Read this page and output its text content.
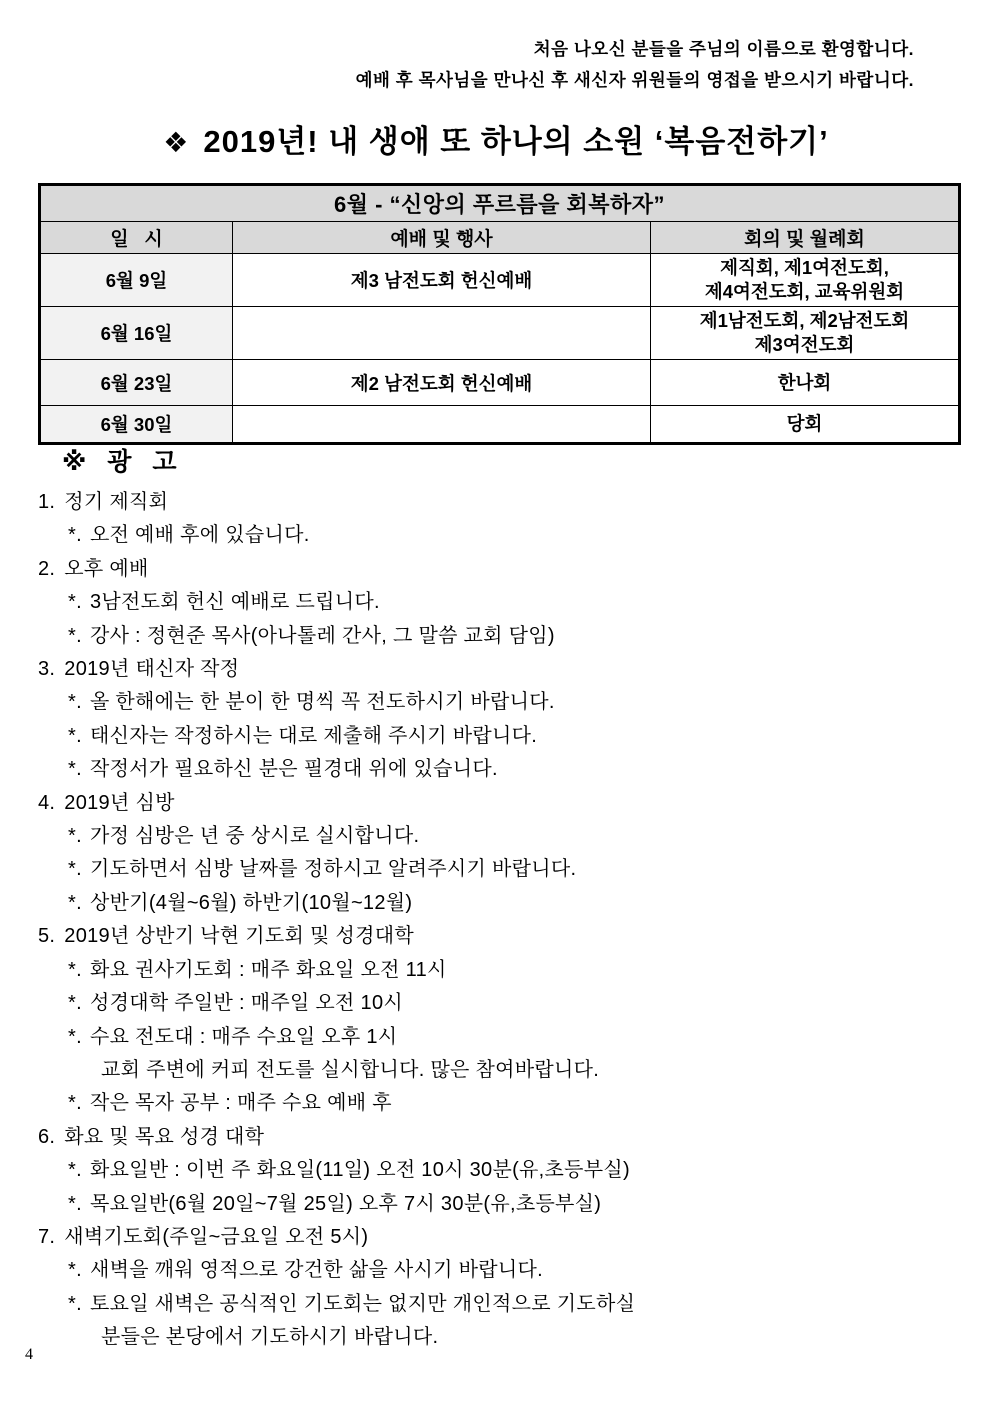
처음 나오신 분들을 주님의 이름으로 환영합니다.
예배 후 목사님을 만나신 후 새신자 위원들의 영접을 받으시기 바랍니다.
❖ 2019년! 내 생애 또 하나의 소원 ‘복음전하기’
6월 - “신앙의 푸르름을 회복하자”		
일   시	예배 및 행사	회의 및 월례회
6월 9일	제3 남전도회 헌신예배	제직회, 제1여전도회,
제4여전도회, 교육위원회

6월 16일		제1남전도회, 제2남전도회
제3여전도회

6월 23일	제2 남전도회 헌신예배	한나회

6월 30일		당회
※ 광 고
1. 정기 제직회
*. 오전 예배 후에 있습니다.
2. 오후 예배
*. 3남전도회 헌신 예배로 드립니다.
*. 강사 : 정현준 목사(아나톨레 간사, 그 말씀 교회 담임)
3. 2019년 태신자 작정
*. 올 한해에는 한 분이 한 명씩 꼭 전도하시기 바랍니다.
*. 태신자는 작정하시는 대로 제출해 주시기 바랍니다.
*. 작정서가 필요하신 분은 필경대 위에 있습니다.
4. 2019년 심방
*. 가정 심방은 년 중 상시로 실시합니다.
*. 기도하면서 심방 날짜를 정하시고 알려주시기 바랍니다.
*. 상반기(4월~6월) 하반기(10월~12월)
5. 2019년 상반기 낙현 기도회 및 성경대학
*. 화요 권사기도회 : 매주 화요일 오전 11시
*. 성경대학 주일반 : 매주일 오전 10시
*. 수요 전도대 : 매주 수요일 오후 1시
교회 주변에 커피 전도를 실시합니다. 많은 참여바랍니다.
*. 작은 목자 공부 : 매주 수요 예배 후
6. 화요 및 목요 성경 대학
*. 화요일반 : 이번 주 화요일(11일) 오전 10시 30분(유,초등부실)
*. 목요일반(6월 20일~7월 25일) 오후 7시 30분(유,초등부실)
7. 새벽기도회(주일~금요일 오전 5시)
*. 새벽을 깨워 영적으로 강건한 삶을 사시기 바랍니다.
*. 토요일 새벽은 공식적인 기도회는 없지만 개인적으로 기도하실
분들은 본당에서 기도하시기 바랍니다.
4
